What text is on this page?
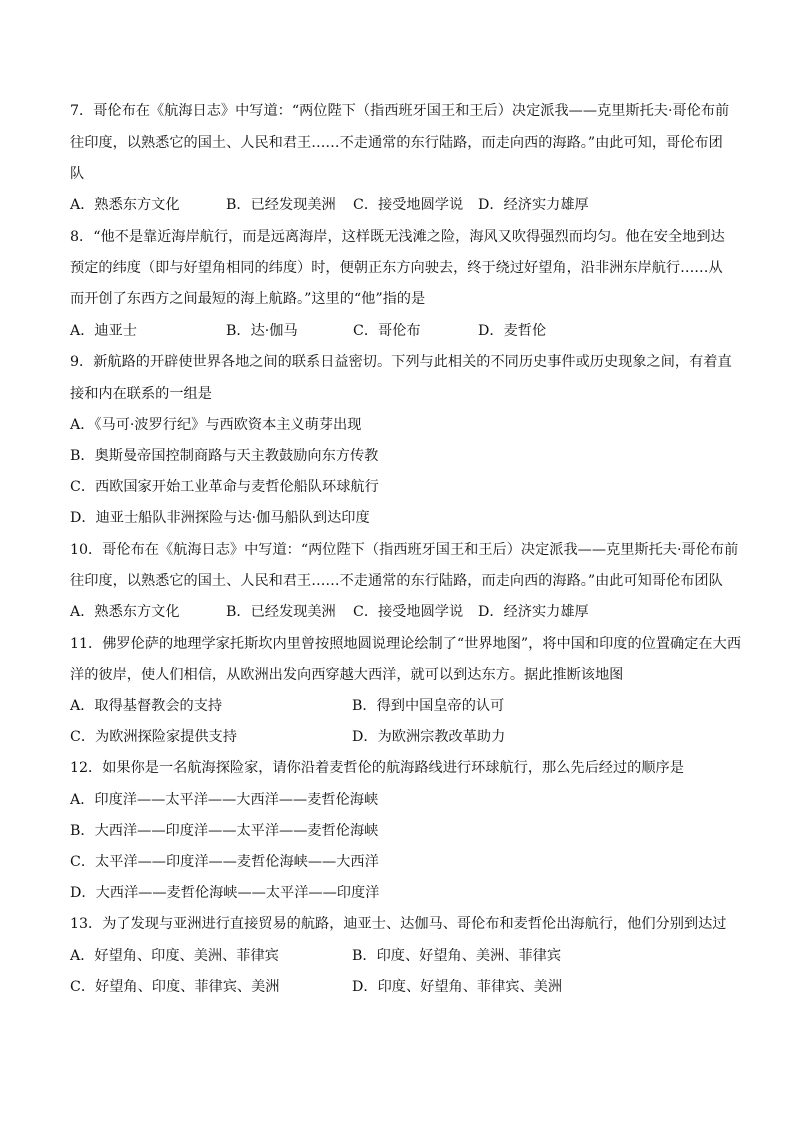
7．哥伦布在《航海日志》中写道：“两位陛下（指西班牙国王和王后）决定派我——克里斯托夫·哥伦布前
往印度，以熟悉它的国土、人民和君王……不走通常的东行陆路，而走向西的海路。”由此可知，哥伦布团
队
A．熟悉东方文化	B．已经发现美洲 C．接受地圆学说 D．经济实力雄厚
8．“他不是靠近海岸航行，而是远离海岸，这样既无浅滩之险，海风又吹得强烈而均匀。他在安全地到达
预定的纬度（即与好望角相同的纬度）时，便朝正东方向驶去，终于绕过好望角，沿非洲东岸航行……从
而开创了东西方之间最短的海上航路。”这里的“他”指的是
A．迪亚士	B．达·伽马	C．哥伦布	D．麦哲伦
9．新航路的开辟使世界各地之间的联系日益密切。下列与此相关的不同历史事件或历史现象之间，有着直
接和内在联系的一组是
A．《马可·波罗行纪》与西欧资本主义萌芽出现
B．奥斯曼帝国控制商路与天主教鼓励向东方传教
C．西欧国家开始工业革命与麦哲伦船队环球航行
D．迪亚士船队非洲探险与达·伽马船队到达印度
10．哥伦布在《航海日志》中写道：“两位陛下（指西班牙国王和王后）决定派我——克里斯托夫·哥伦布前
往印度，以熟悉它的国土、人民和君王……不走通常的东行陆路，而走向西的海路。”由此可知哥伦布团队
A．熟悉东方文化	B．已经发现美洲 C．接受地圆学说 D．经济实力雄厚
11．佛罗伦萨的地理学家托斯坎内里曾按照地圆说理论绘制了“世界地图”，将中国和印度的位置确定在大西
洋的彼岸，使人们相信，从欧洲出发向西穿越大西洋，就可以到达东方。据此推断该地图
A．取得基督教会的支持	B．得到中国皇帝的认可
C．为欧洲探险家提供支持	D．为欧洲宗教改革助力
12．如果你是一名航海探险家，请你沿着麦哲伦的航海路线进行环球航行，那么先后经过的顺序是
A．印度洋——太平洋——大西洋——麦哲伦海峡
B．大西洋——印度洋——太平洋——麦哲伦海峡
C．太平洋——印度洋——麦哲伦海峡——大西洋
D．大西洋——麦哲伦海峡——太平洋——印度洋
13．为了发现与亚洲进行直接贸易的航路，迪亚士、达伽马、哥伦布和麦哲伦出海航行，他们分别到达过
A．好望角、印度、美洲、菲律宾	B．印度、好望角、美洲、菲律宾
C．好望角、印度、菲律宾、美洲	D．印度、好望角、菲律宾、美洲
